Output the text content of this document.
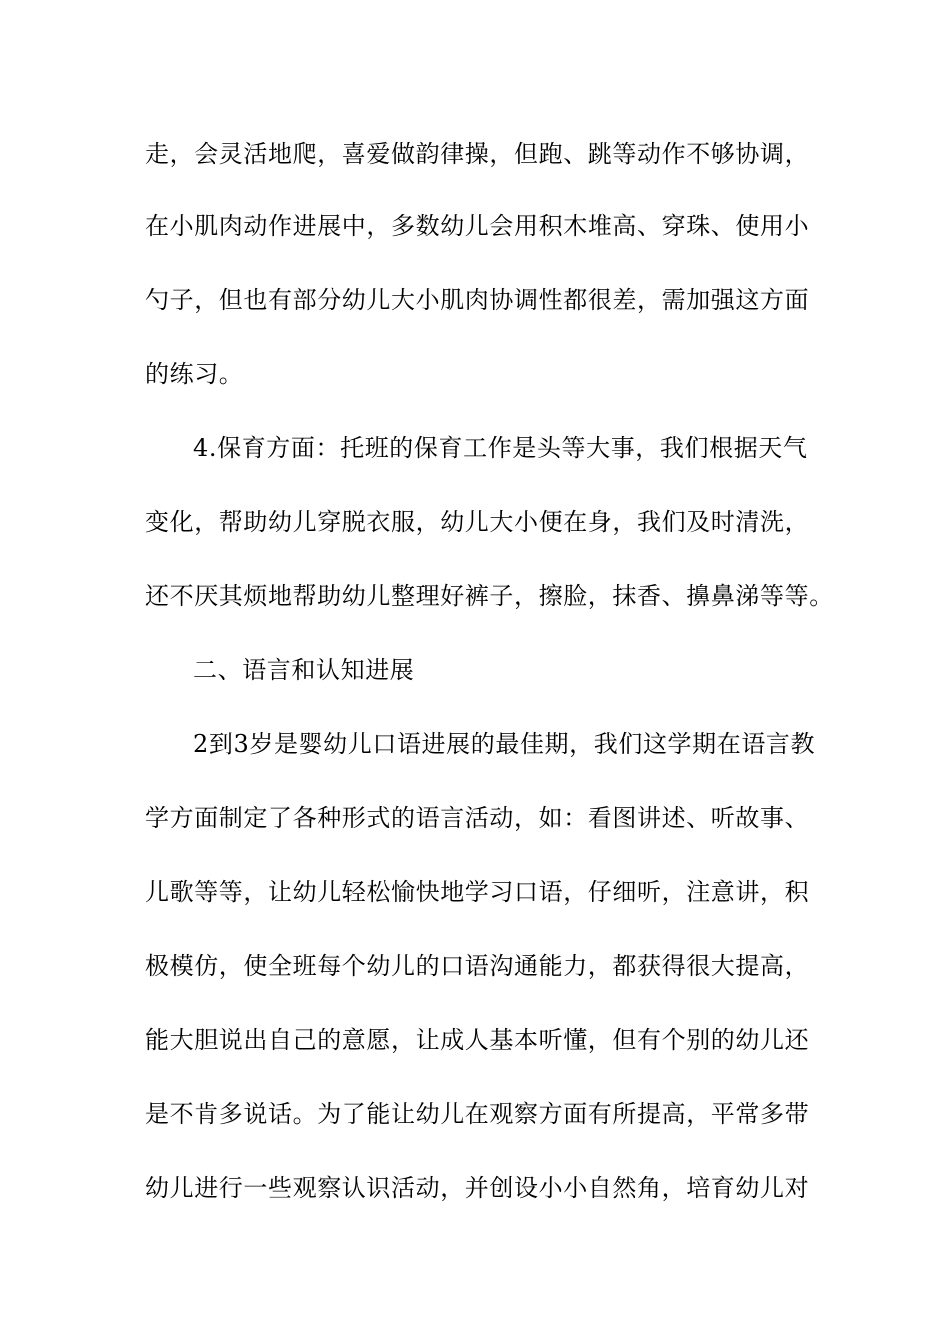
走，会灵活地爬，喜爱做韵律操，但跑、跳等动作不够协调，
在小肌肉动作进展中，多数幼儿会用积木堆高、穿珠、使用小
勺子，但也有部分幼儿大小肌肉协调性都很差，需加强这方面
的练习。
4.保育方面：托班的保育工作是头等大事，我们根据天气
变化，帮助幼儿穿脱衣服，幼儿大小便在身，我们及时清洗，
还不厌其烦地帮助幼儿整理好裤子，擦脸，抹香、擤鼻涕等等。
二、语言和认知进展
2到3岁是婴幼儿口语进展的最佳期，我们这学期在语言教
学方面制定了各种形式的语言活动，如：看图讲述、听故事、
儿歌等等，让幼儿轻松愉快地学习口语，仔细听，注意讲，积
极模仿，使全班每个幼儿的口语沟通能力，都获得很大提高，
能大胆说出自己的意愿，让成人基本听懂，但有个别的幼儿还
是不肯多说话。为了能让幼儿在观察方面有所提高，平常多带
幼儿进行一些观察认识活动，并创设小小自然角，培育幼儿对
